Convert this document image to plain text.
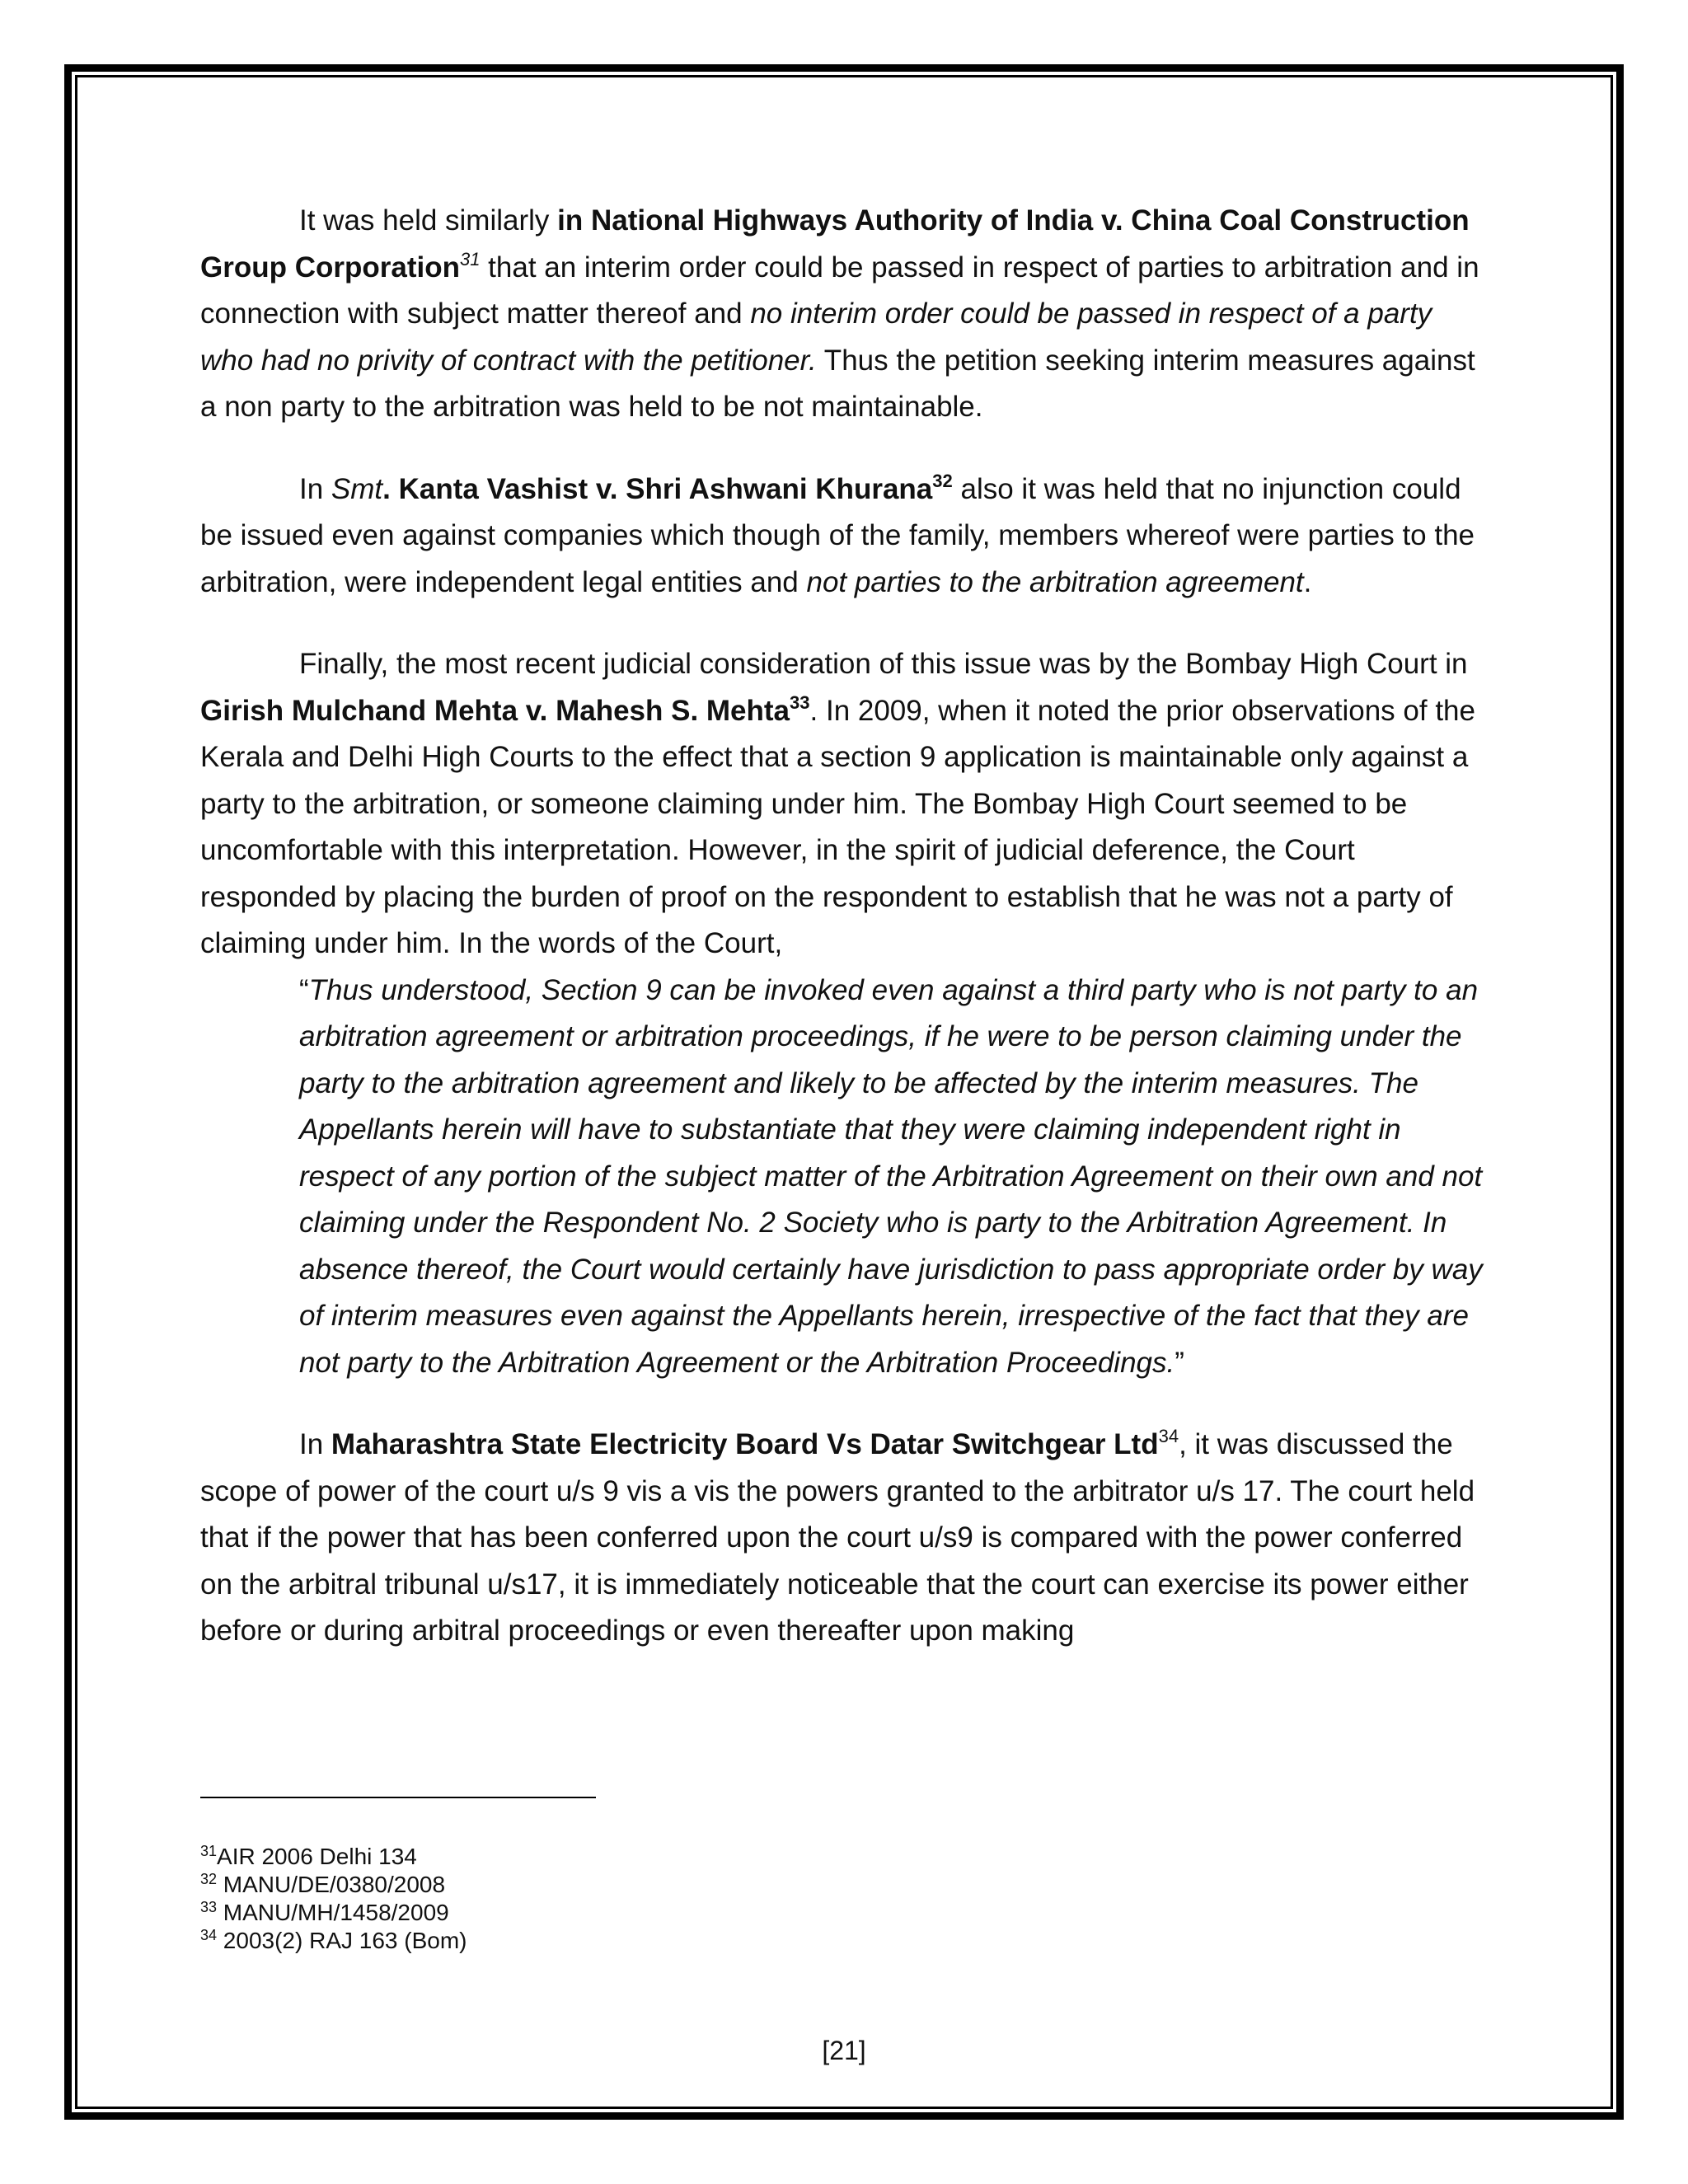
It was held similarly in National Highways Authority of India v. China Coal Construction Group Corporation$^{31}$ that an interim order could be passed in respect of parties to arbitration and in connection with subject matter thereof and no interim order could be passed in respect of a party who had no privity of contract with the petitioner. Thus the petition seeking interim measures against a non party to the arbitration was held to be not maintainable.

In Smt. Kanta Vashist v. Shri Ashwani Khurana$^{32}$ also it was held that no injunction could be issued even against companies which though of the family, members whereof were parties to the arbitration, were independent legal entities and not parties to the arbitration agreement.

Finally, the most recent judicial consideration of this issue was by the Bombay High Court in Girish Mulchand Mehta v. Mahesh S. Mehta$^{33}$. In 2009, when it noted the prior observations of the Kerala and Delhi High Courts to the effect that a section 9 application is maintainable only against a party to the arbitration, or someone claiming under him. The Bombay High Court seemed to be uncomfortable with this interpretation. However, in the spirit of judicial deference, the Court responded by placing the burden of proof on the respondent to establish that he was not a party of claiming under him. In the words of the Court,

“Thus understood, Section 9 can be invoked even against a third party who is not party to an arbitration agreement or arbitration proceedings, if he were to be person claiming under the party to the arbitration agreement and likely to be affected by the interim measures. The Appellants herein will have to substantiate that they were claiming independent right in respect of any portion of the subject matter of the Arbitration Agreement on their own and not claiming under the Respondent No. 2 Society who is party to the Arbitration Agreement. In absence thereof, the Court would certainly have jurisdiction to pass appropriate order by way of interim measures even against the Appellants herein, irrespective of the fact that they are not party to the Arbitration Agreement or the Arbitration Proceedings.”

In Maharashtra State Electricity Board Vs Datar Switchgear Ltd$^{34}$, it was discussed the scope of power of the court u/s 9 vis a vis the powers granted to the arbitrator u/s 17. The court held that if the power that has been conferred upon the court u/s9 is compared with the power conferred on the arbitral tribunal u/s17, it is immediately noticeable that the court can exercise its power either before or during arbitral proceedings or even thereafter upon making

$^{31}$AIR 2006 Delhi 134
$^{32}$ MANU/DE/0380/2008
$^{33}$ MANU/MH/1458/2009
$^{34}$ 2003(2) RAJ 163 (Bom)
[21]
